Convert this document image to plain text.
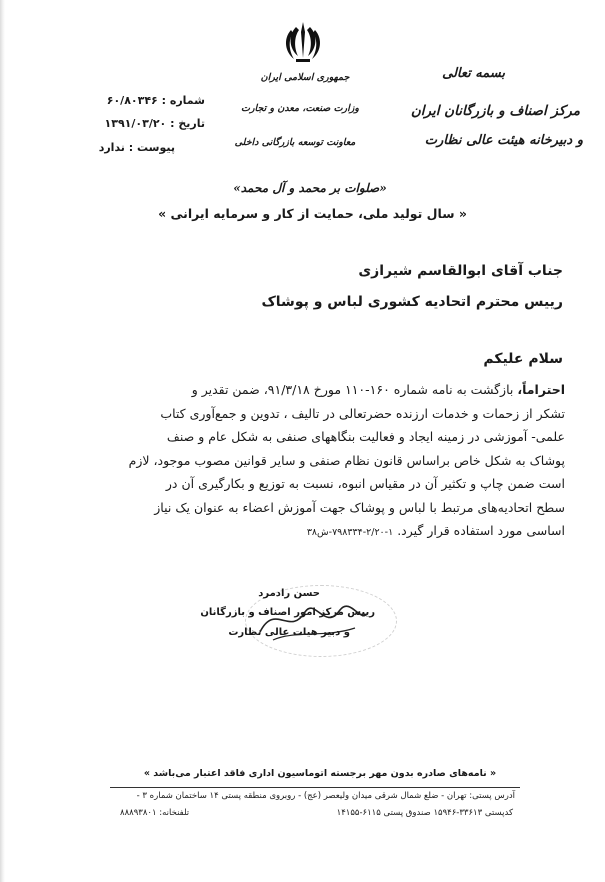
بسمه تعالی
مرکز اصناف و بازرگانان ایران
و دبیرخانه هیئت عالی نظارت
جمهوری اسلامی ایران
وزارت صنعت، معدن و تجارت
معاونت توسعه بازرگانی داخلی
شماره : ۶۰/۸۰۳۴۶
تاریخ : ۱۳۹۱/۰۳/۲۰
پیوست : ندارد
«صلوات بر محمد و آل محمد»
« سال تولید ملی، حمایت از کار و سرمایه ایرانی »
جناب آقای ابوالقاسم شیرازی
رییس محترم اتحادیه کشوری لباس و پوشاک
سلام علیکم
احتراماً، بازگشت به نامه شماره ۱۶۰-۱۱۰ مورخ ۹۱/۳/۱۸، ضمن تقدیر و
تشکر از زحمات و خدمات ارزنده حضرتعالی در تالیف ، تدوین و جمع‌آوری کتاب
علمی- آموزشی در زمینه ایجاد و فعالیت بنگاههای صنفی به شکل عام و صنف
پوشاک به شکل خاص براساس قانون نظام صنفی و سایر قوانین مصوب موجود، لازم
است ضمن چاپ و تکثیر آن در مقیاس انبوه، نسبت به توزیع و بکارگیری آن در
سطح اتحادیه‌های مرتبط با لباس و پوشاک جهت آموزش اعضاء به عنوان یک نیاز
اساسی مورد استفاده قرار گیرد. ۱-۲/۲۰-۷۹۸۳۳۴-ش۳۸
حسن رادمرد
رییس مرکز امور اصناف و بازرگانان
و دبیر هیات عالی نظارت
« نامه‌های صادره بدون مهر برجسته اتوماسیون اداری فاقد اعتبار می‌باشد »
آدرس پستی: تهران - ضلع شمال شرقی میدان ولیعصر (عج) - روبروی منطقه پستی ۱۴ ساختمان شماره ۳ -
کدپستی ۳۳۶۱۳-۱۵۹۴۶ صندوق پستی ۶۱۱۵-۱۴۱۵۵
تلفنخانه: ۸۸۸۹۳۸۰۱
